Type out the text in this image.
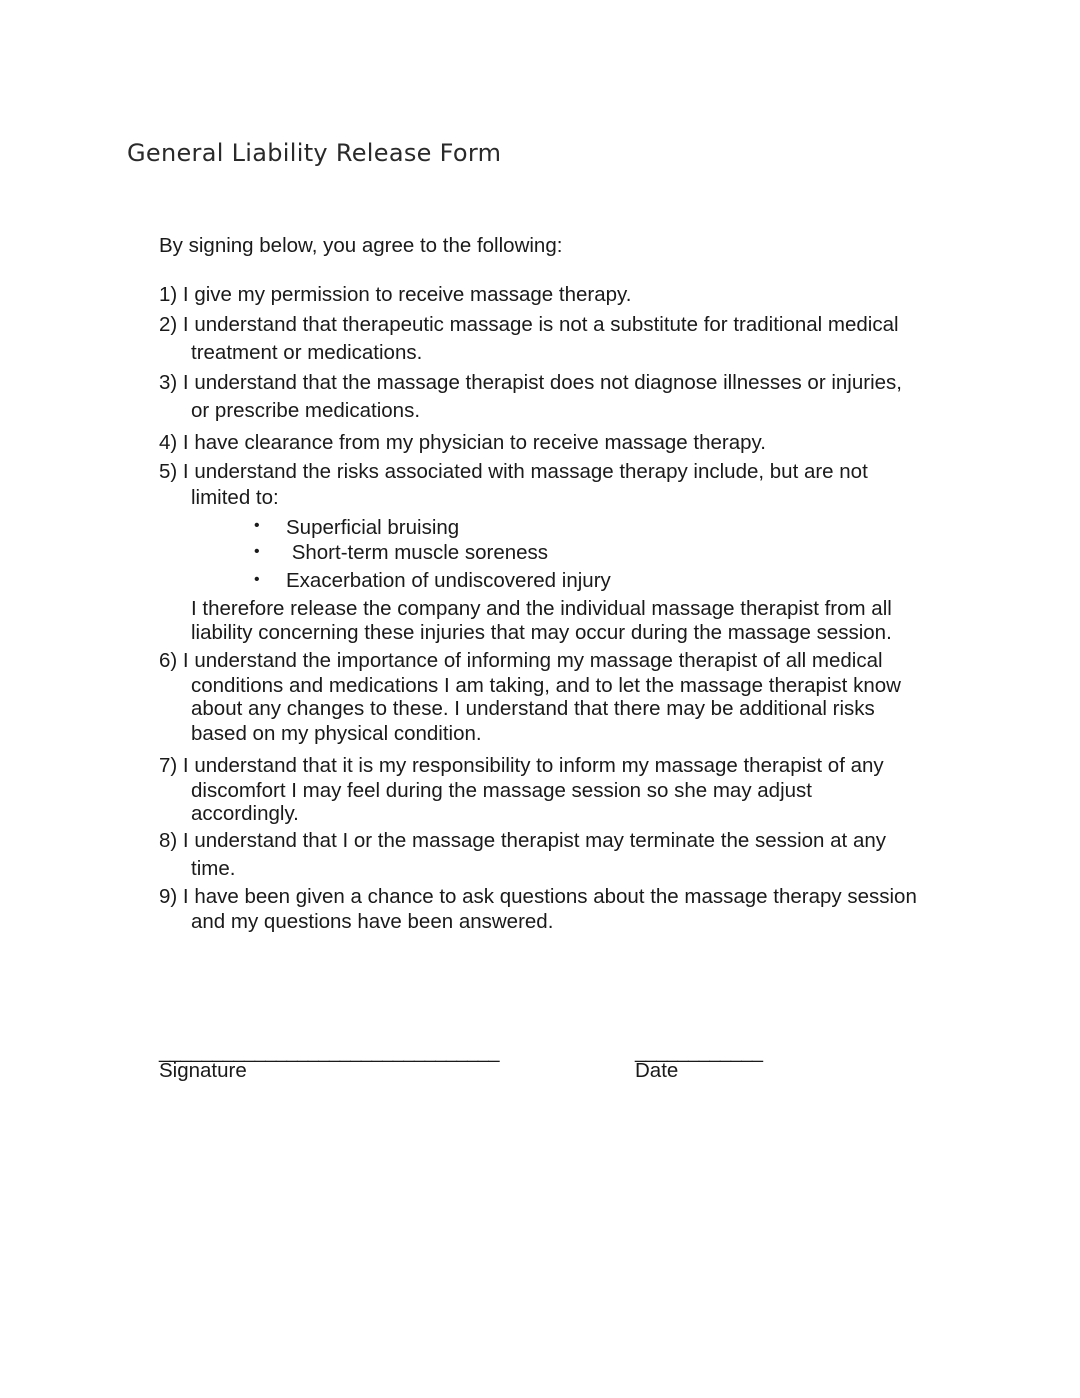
General Liability Release Form
By signing below, you agree to the following:
1) I give my permission to receive massage therapy.
2) I understand that therapeutic massage is not a substitute for traditional medical
treatment or medications.
3) I understand that the massage therapist does not diagnose illnesses or injuries,
or prescribe medications.
4) I have clearance from my physician to receive massage therapy.
5) I understand the risks associated with massage therapy include, but are not
limited to:
• Superficial bruising
• Short-term muscle soreness
• Exacerbation of undiscovered injury
I therefore release the company and the individual massage therapist from all
liability concerning these injuries that may occur during the massage session.
6) I understand the importance of informing my massage therapist of all medical
conditions and medications I am taking, and to let the massage therapist know
about any changes to these. I understand that there may be additional risks
based on my physical condition.
7) I understand that it is my responsibility to inform my massage therapist of any
discomfort I may feel during the massage session so she may adjust
accordingly.
8) I understand that I or the massage therapist may terminate the session at any
time.
9) I have been given a chance to ask questions about the massage therapy session
and my questions have been answered.
________________________________
Signature
____________
Date
